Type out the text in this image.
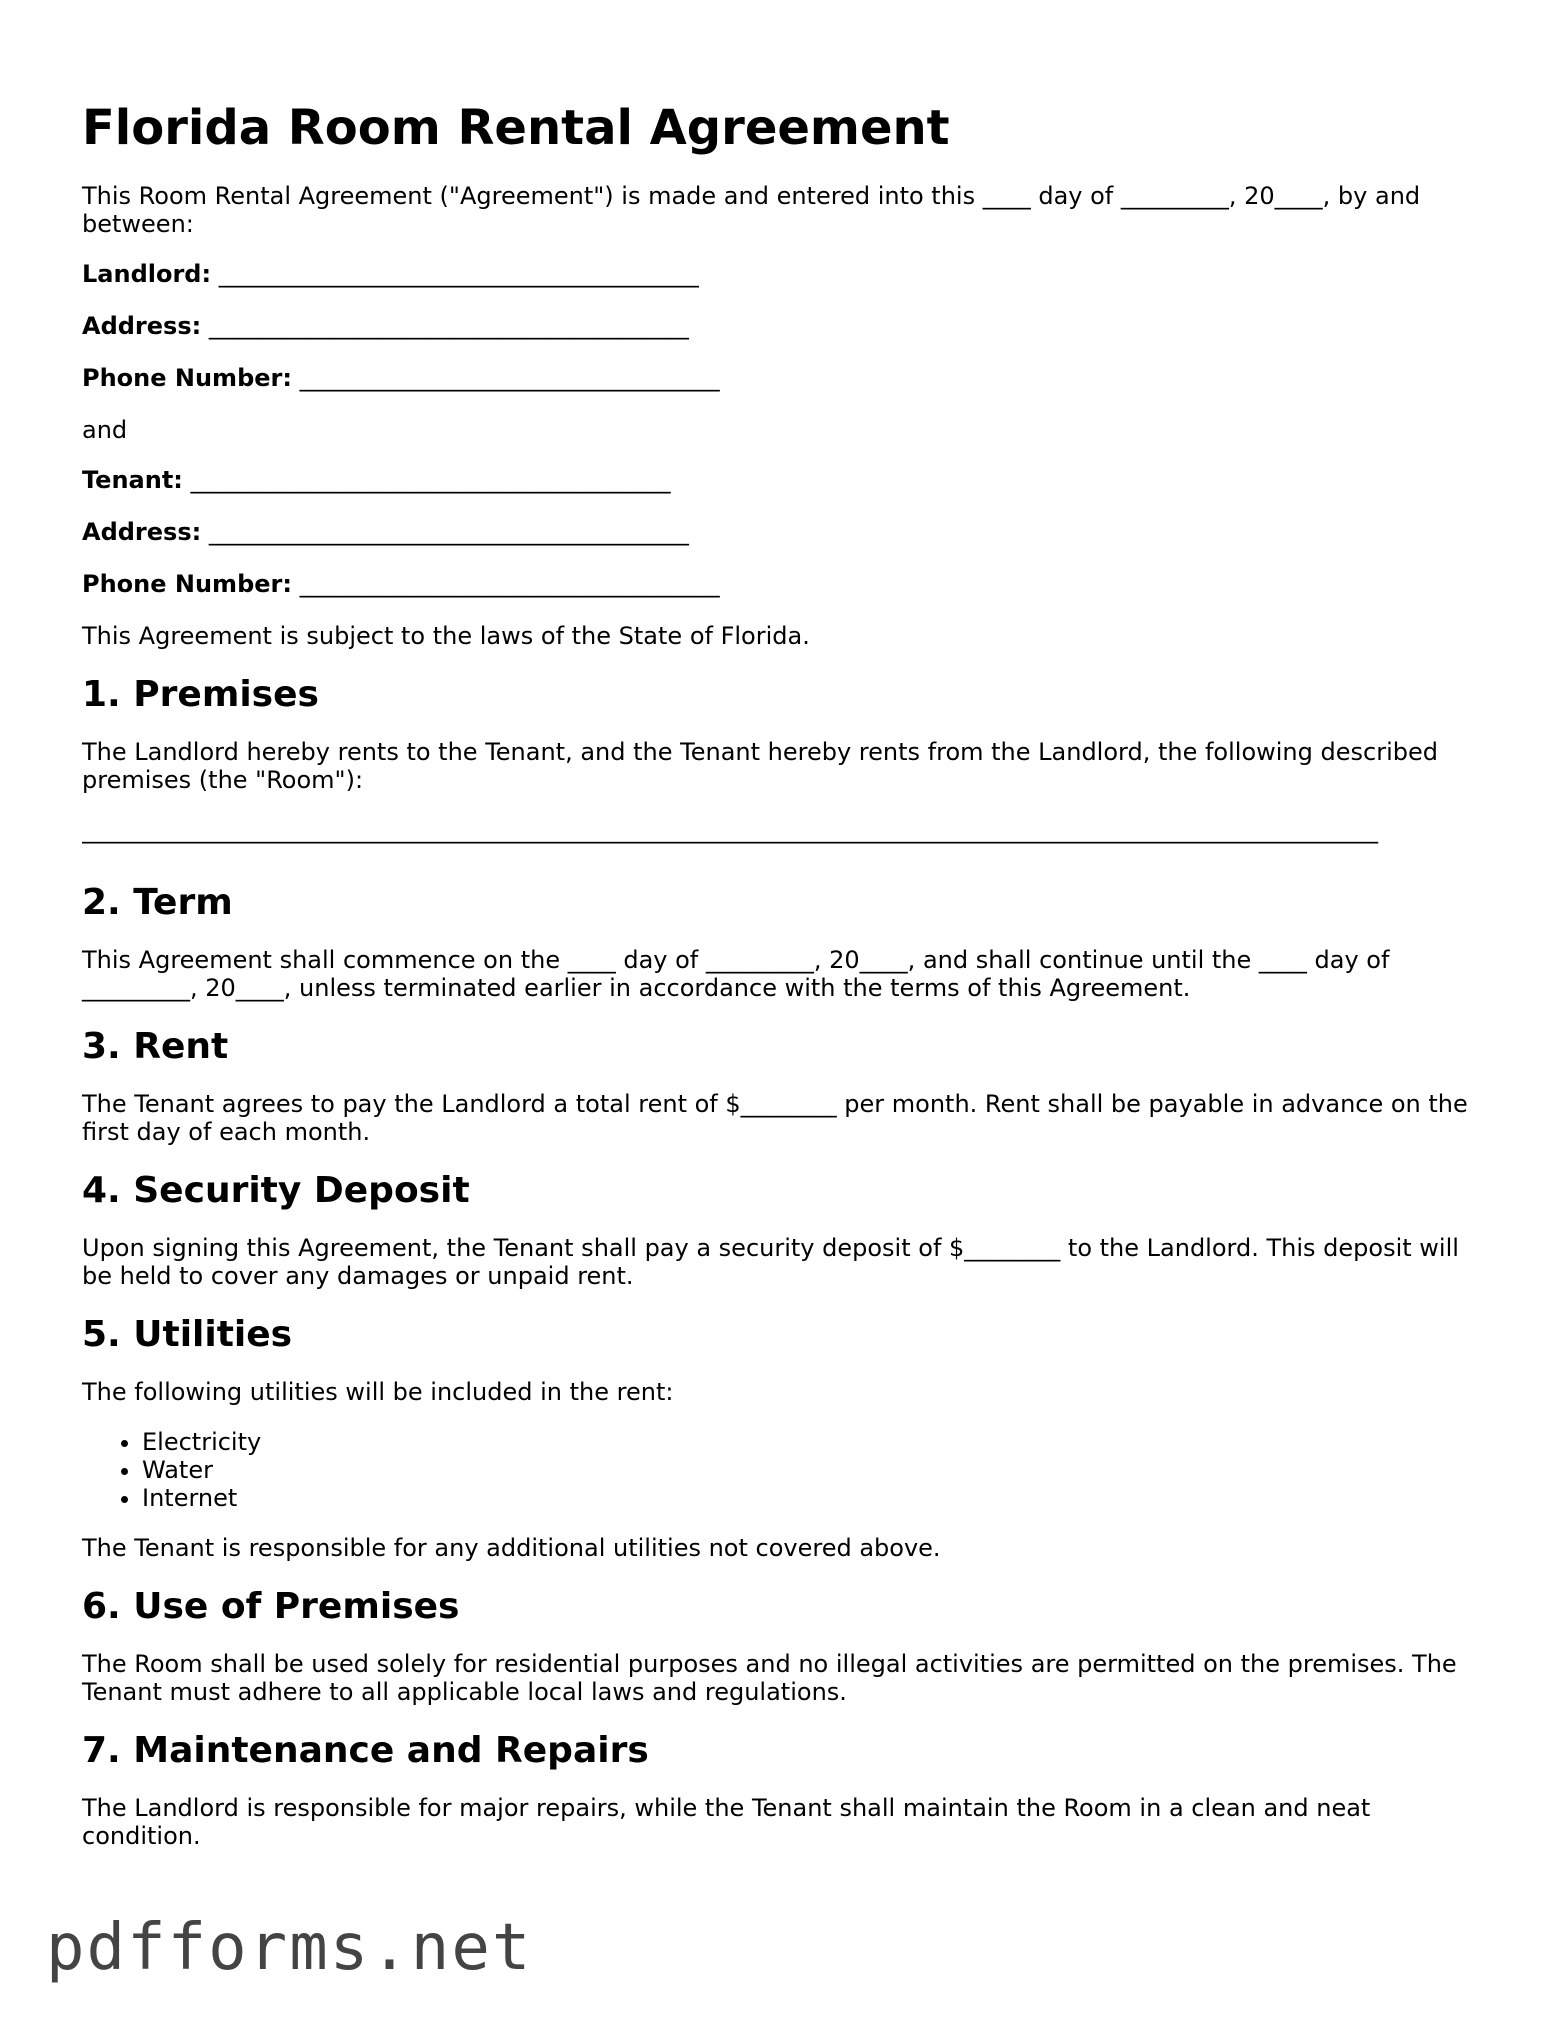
Florida Room Rental Agreement

This Room Rental Agreement ("Agreement") is made and entered into this ____ day of _________, 20____, by and between:

Landlord: ________________________________________
Address: ________________________________________
Phone Number: ___________________________________

and

Tenant: ________________________________________
Address: ________________________________________
Phone Number: ___________________________________

This Agreement is subject to the laws of the State of Florida.

1. Premises

The Landlord hereby rents to the Tenant, and the Tenant hereby rents from the Landlord, the following described premises (the "Room"):

____________________________________________________________________________________________________________
2. Term

This Agreement shall commence on the ____ day of _________, 20____, and shall continue until the ____ day of _________, 20____, unless terminated earlier in accordance with the terms of this Agreement.

3. Rent

The Tenant agrees to pay the Landlord a total rent of $________ per month. Rent shall be payable in advance on the first day of each month.

4. Security Deposit

Upon signing this Agreement, the Tenant shall pay a security deposit of $________ to the Landlord. This deposit will be held to cover any damages or unpaid rent.

5. Utilities

The following utilities will be included in the rent:

• Electricity
• Water
• Internet

The Tenant is responsible for any additional utilities not covered above.

6. Use of Premises

The Room shall be used solely for residential purposes and no illegal activities are permitted on the premises. The Tenant must adhere to all applicable local laws and regulations.

7. Maintenance and Repairs

The Landlord is responsible for major repairs, while the Tenant shall maintain the Room in a clean and neat condition.

pdfforms.net
